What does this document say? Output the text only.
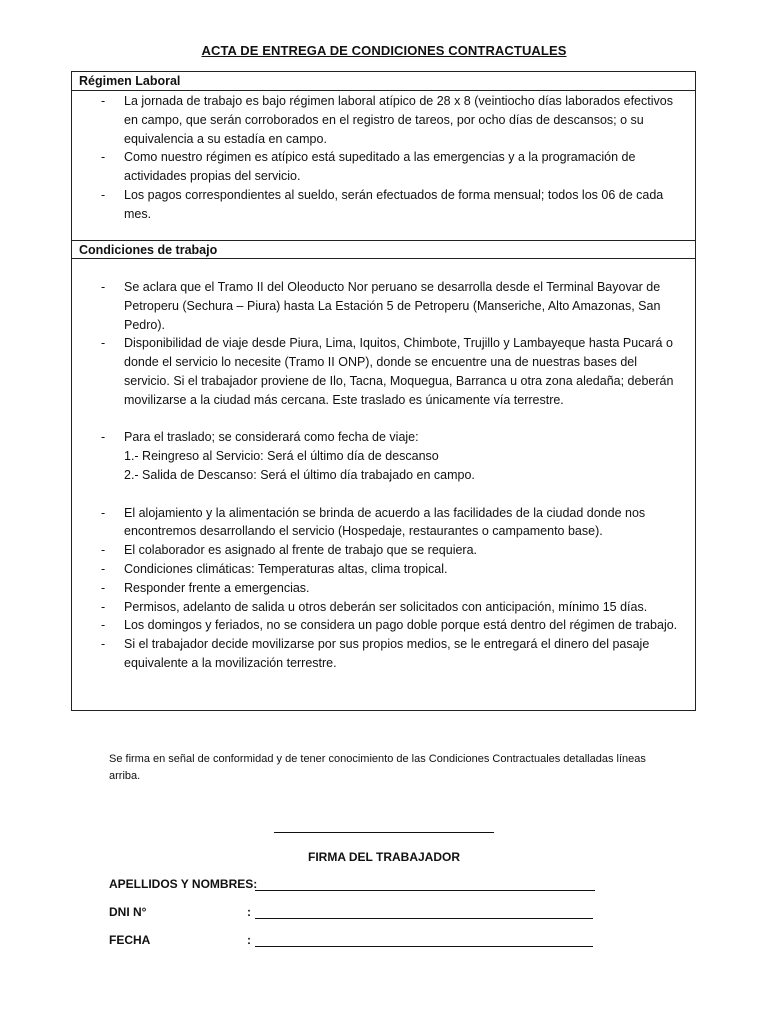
ACTA DE ENTREGA DE CONDICIONES CONTRACTUALES
Régimen Laboral
- La jornada de trabajo es bajo régimen laboral atípico de 28 x 8 (veintiocho días laborados efectivos en campo, que serán corroborados en el registro de tareos, por ocho días de descansos; o su equivalencia a su estadía en campo.
- Como nuestro régimen es atípico está supeditado a las emergencias y a la programación de actividades propias del servicio.
- Los pagos correspondientes al sueldo, serán efectuados de forma mensual; todos los 06 de cada mes.
Condiciones de trabajo
- Se aclara que el Tramo II del Oleoducto Nor peruano se desarrolla desde el Terminal Bayovar de Petroperu (Sechura – Piura) hasta La Estación 5 de Petroperu (Manseriche, Alto Amazonas, San Pedro).
- Disponibilidad de viaje desde Piura, Lima, Iquitos, Chimbote, Trujillo y Lambayeque hasta Pucará o donde el servicio lo necesite (Tramo II ONP), donde se encuentre una de nuestras bases del servicio. Si el trabajador proviene de Ilo, Tacna, Moquegua, Barranca u otra zona aledaña; deberán movilizarse a la ciudad más cercana. Este traslado es únicamente vía terrestre.
- Para el traslado; se considerará como fecha de viaje:
1.- Reingreso al Servicio: Será el último día de descanso
2.- Salida de Descanso: Será el último día trabajado en campo.
- El alojamiento y la alimentación se brinda de acuerdo a las facilidades de la ciudad donde nos encontremos desarrollando el servicio (Hospedaje, restaurantes o campamento base).
- El colaborador es asignado al frente de trabajo que se requiera.
- Condiciones climáticas: Temperaturas altas, clima tropical.
- Responder frente a emergencias.
- Permisos, adelanto de salida u otros deberán ser solicitados con anticipación, mínimo 15 días.
- Los domingos y feriados, no se considera un pago doble porque está dentro del régimen de trabajo.
- Si el trabajador decide movilizarse por sus propios medios, se le entregará el dinero del pasaje equivalente a la movilización terrestre.
Se firma en señal de conformidad y de tener conocimiento de las Condiciones Contractuales detalladas líneas arriba.
FIRMA DEL TRABAJADOR
APELLIDOS Y NOMBRES:
DNI N°	:
FECHA	:
